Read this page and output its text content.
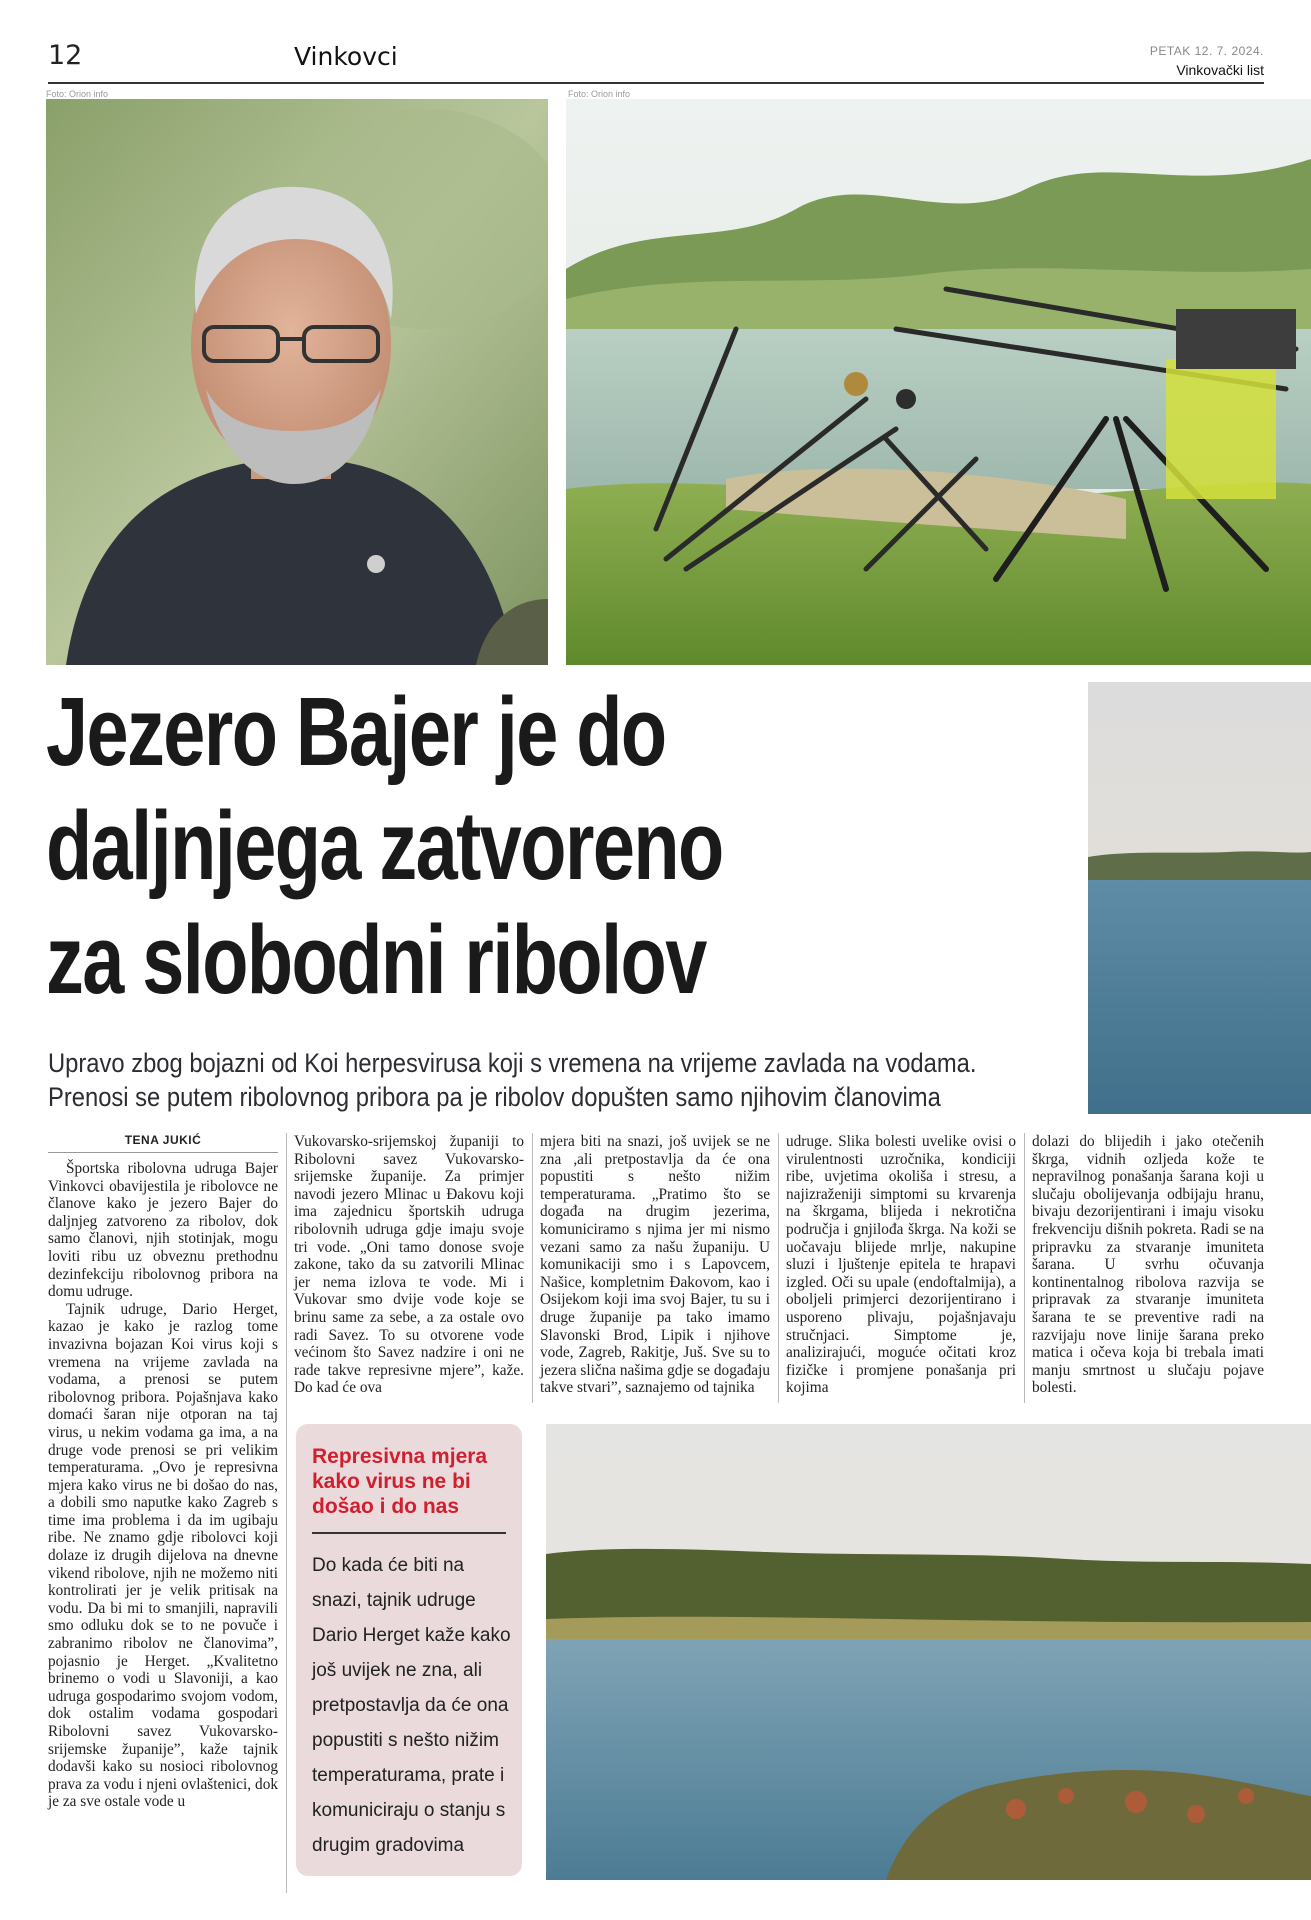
12	Vinkovci	PETAK 12. 7. 2024.
Vinkovački list
Foto: Orion info	Foto: Orion info
Jezero Bajer je do
daljnjega zatvoreno
za slobodni ribolov
Upravo zbog bojazni od Koi herpesvirusa koji s vremena na vrijeme zavlada na vodama.
Prenosi se putem ribolovnog pribora pa je ribolov dopušten samo njihovim članovima
TENA JUKIĆ

Športska ribolovna udruga Bajer Vinkovci obavijestila je ribolovce ne članove kako je jezero Bajer do daljnjeg zatvoreno za ribolov, dok samo članovi, njih stotinjak, mogu loviti ribu uz obveznu prethodnu dezinfekciju ribolovnog pribora na domu udruge.

Tajnik udruge, Dario Herget, kazao je kako je razlog tome invazivna bojazan Koi virus koji s vremena na vrijeme zavlada na vodama, a prenosi se putem ribolovnog pribora. Pojašnjava kako domaći šaran nije otporan na taj virus, u nekim vodama ga ima, a na druge vode prenosi se pri velikim temperaturama. „Ovo je represivna mjera kako virus ne bi došao do nas, a dobili smo naputke kako Zagreb s time ima problema i da im ugibaju ribe. Ne znamo gdje ribolovci koji dolaze iz drugih dijelova na dnevne vikend ribolove, njih ne možemo niti kontrolirati jer je velik pritisak na vodu. Da bi mi to smanjili, napravili smo odluku dok se to ne povuče i zabranimo ribolov ne članovima”, pojasnio je Herget. „Kvalitetno brinemo o vodi u Slavoniji, a kao udruga gospodarimo svojom vodom, dok ostalim vodama gospodari Ribolovni savez Vukovarsko-srijemske županije”, kaže tajnik dodavši kako su nosioci ribolovnog prava za vodu i njeni ovlaštenici, dok je za sve ostale vode u

Vukovarsko-srijemskoj županiji to Ribolovni savez Vukovarsko-srijemske županije. Za primjer navodi jezero Mlinac u Đakovu koji ima zajednicu športskih udruga ribolovnih udruga gdje imaju svoje tri vode. „Oni tamo donose svoje zakone, tako da su zatvorili Mlinac jer nema izlova te vode. Mi i Vukovar smo dvije vode koje se brinu same za sebe, a za ostale ovo radi Savez. To su otvorene vode većinom što Savez nadzire i oni ne rade takve represivne mjere”, kaže. Do kad će ova

mjera biti na snazi, još uvijek se ne zna ,ali pretpostavlja da će ona popustiti s nešto nižim temperaturama. „Pratimo što se događa na drugim jezerima, komuniciramo s njima jer mi nismo vezani samo za našu županiju. U komunikaciji smo i s Lapovcem, Našice, kompletnim Đakovom, kao i Osijekom koji ima svoj Bajer, tu su i druge županije pa tako imamo Slavonski Brod, Lipik i njihove vode, Zagreb, Rakitje, Juš. Sve su to jezera slična našima gdje se događaju takve stvari”, saznajemo od tajnika

udruge. Slika bolesti uvelike ovisi o virulentnosti uzročnika, kondiciji ribe, uvjetima okoliša i stresu, a najizraženiji simptomi su krvarenja na škrgama, blijeda i nekrotična područja i gnjilođa škrga. Na koži se uočavaju blijede mrlje, nakupine sluzi i ljuštenje epitela te hrapavi izgled. Oči su upale (endoftalmija), a oboljeli primjerci dezorijentirano i usporeno plivaju, pojašnjavaju stručnjaci. Simptome je, analizirajući, moguće očitati kroz fizičke i promjene ponašanja pri kojima

dolazi do blijedih i jako otečenih škrga, vidnih ozljeda kože te nepravilnog ponašanja šarana koji u slučaju obolijevanja odbijaju hranu, bivaju dezorijentirani i imaju visoku frekvenciju dišnih pokreta. Radi se na pripravku za stvaranje imuniteta šarana. U svrhu očuvanja kontinentalnog ribolova razvija se pripravak za stvaranje imuniteta šarana te se preventive radi na razvijaju nove linije šarana preko matica i očeva koja bi trebala imati manju smrtnost u slučaju pojave bolesti.

Represivna mjera kako virus ne bi došao i do nas
Do kada će biti na snazi, tajnik udruge Dario Herget kaže kako još uvijek ne zna, ali pretpostavlja da će ona popustiti s nešto nižim temperaturama, prate i komuniciraju o stanju s drugim gradovima
